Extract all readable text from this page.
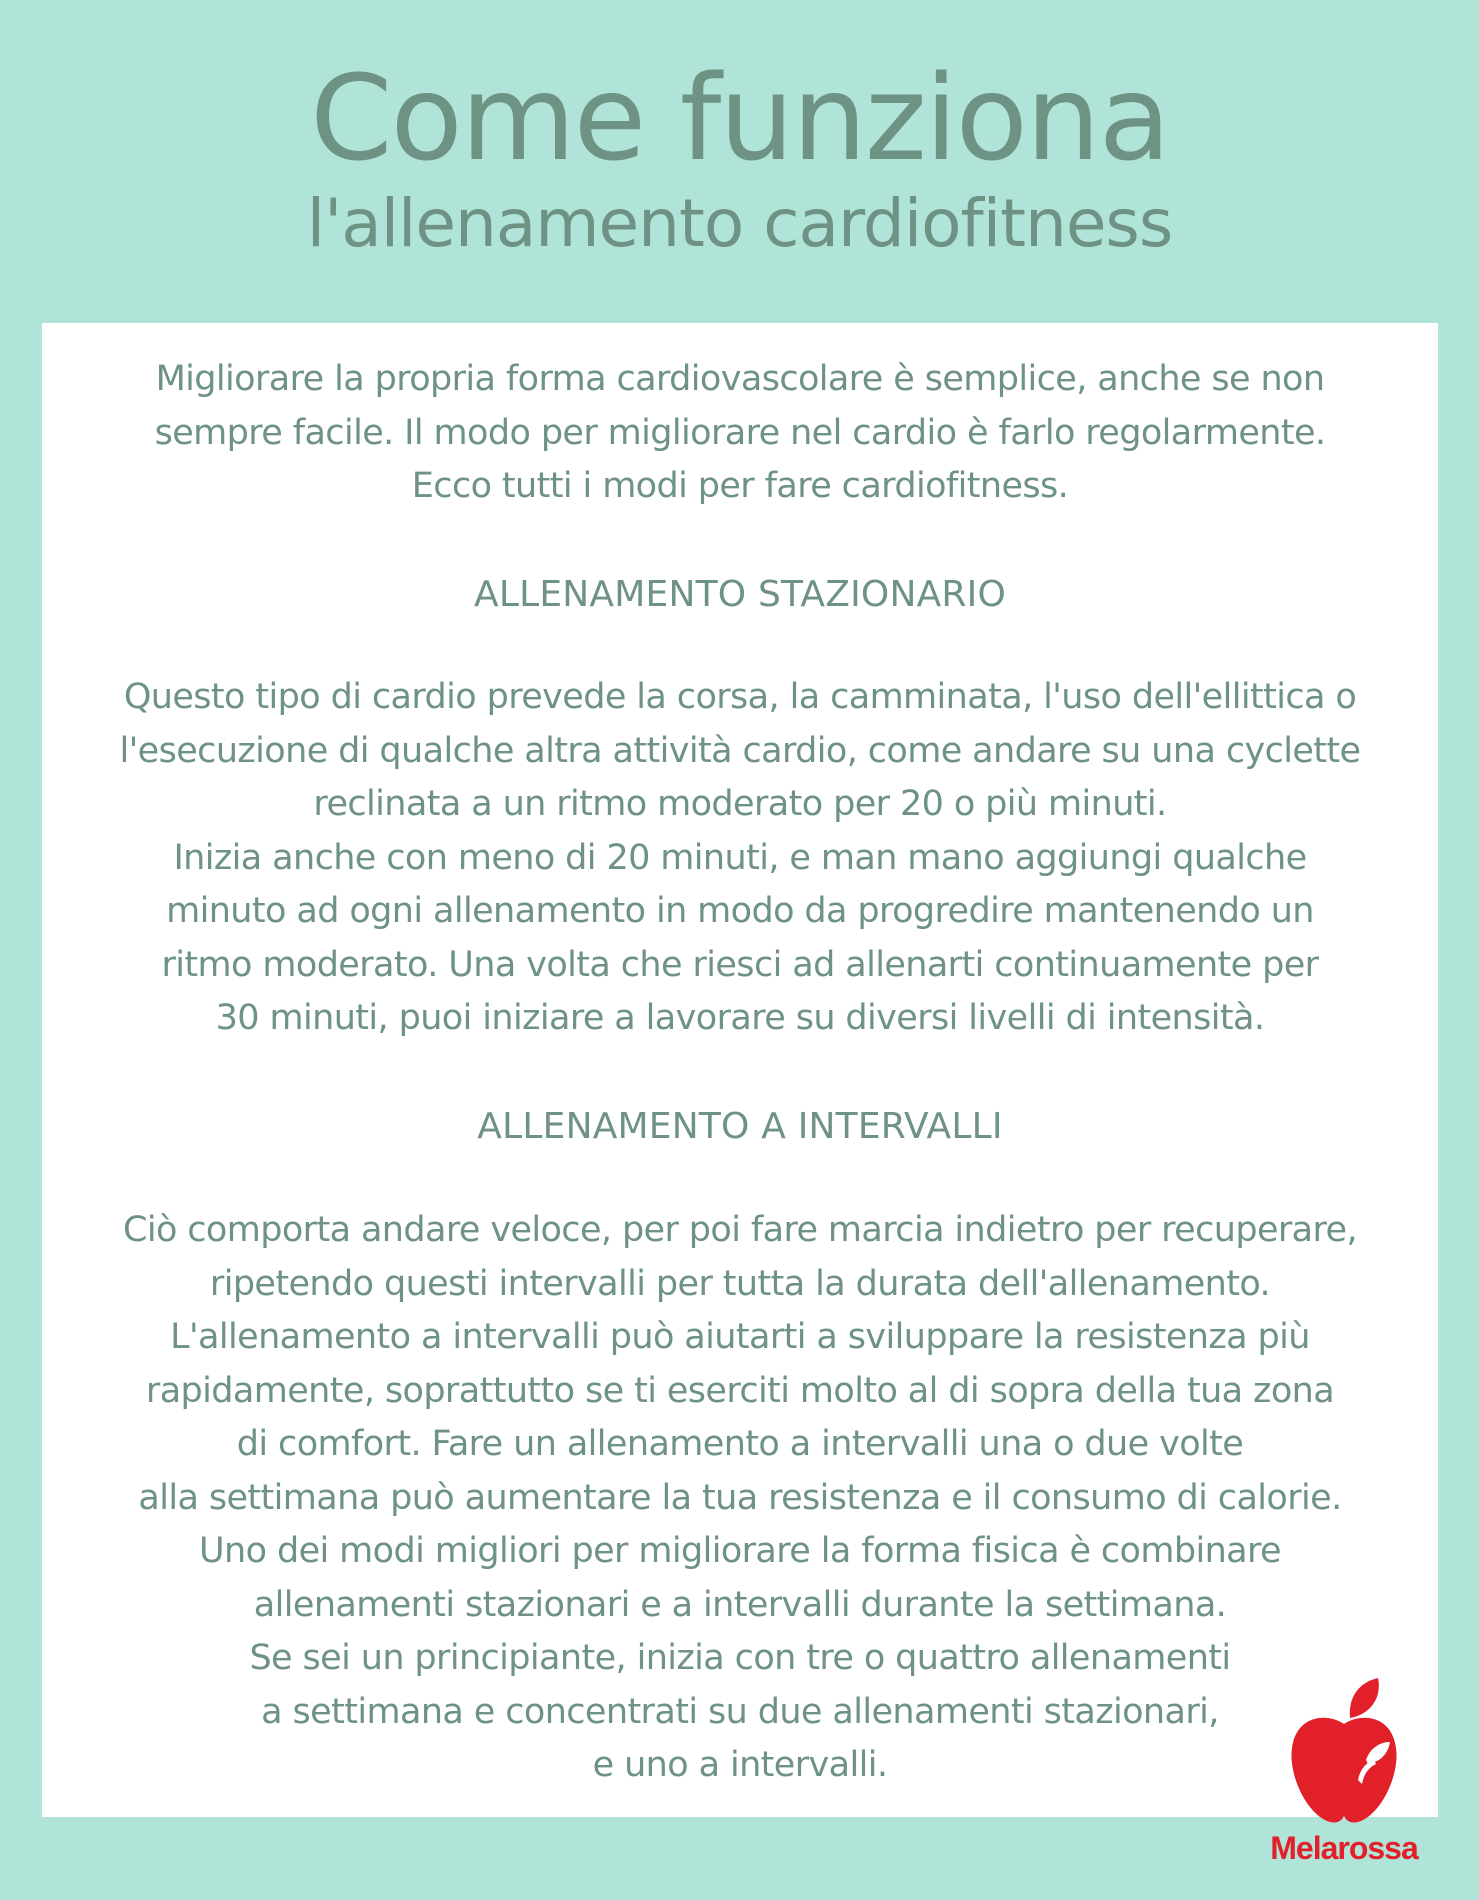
Come funziona
l'allenamento cardiofitness
Migliorare la propria forma cardiovascolare è semplice, anche se non
sempre facile. Il modo per migliorare nel cardio è farlo regolarmente.
Ecco tutti i modi per fare cardiofitness.
ALLENAMENTO STAZIONARIO
Questo tipo di cardio prevede la corsa, la camminata, l'uso dell'ellittica o
l'esecuzione di qualche altra attività cardio, come andare su una cyclette
reclinata a un ritmo moderato per 20 o più minuti.
Inizia anche con meno di 20 minuti, e man mano aggiungi qualche
minuto ad ogni allenamento in modo da progredire mantenendo un
ritmo moderato. Una volta che riesci ad allenarti continuamente per
30 minuti, puoi iniziare a lavorare su diversi livelli di intensità.
ALLENAMENTO A INTERVALLI
Ciò comporta andare veloce, per poi fare marcia indietro per recuperare,
ripetendo questi intervalli per tutta la durata dell'allenamento.
L'allenamento a intervalli può aiutarti a sviluppare la resistenza più
rapidamente, soprattutto se ti eserciti molto al di sopra della tua zona
di comfort. Fare un allenamento a intervalli una o due volte
alla settimana può aumentare la tua resistenza e il consumo di calorie.
Uno dei modi migliori per migliorare la forma fisica è combinare
allenamenti stazionari e a intervalli durante la settimana.
Se sei un principiante, inizia con tre o quattro allenamenti
a settimana e concentrati su due allenamenti stazionari,
e uno a intervalli.
Melarossa
